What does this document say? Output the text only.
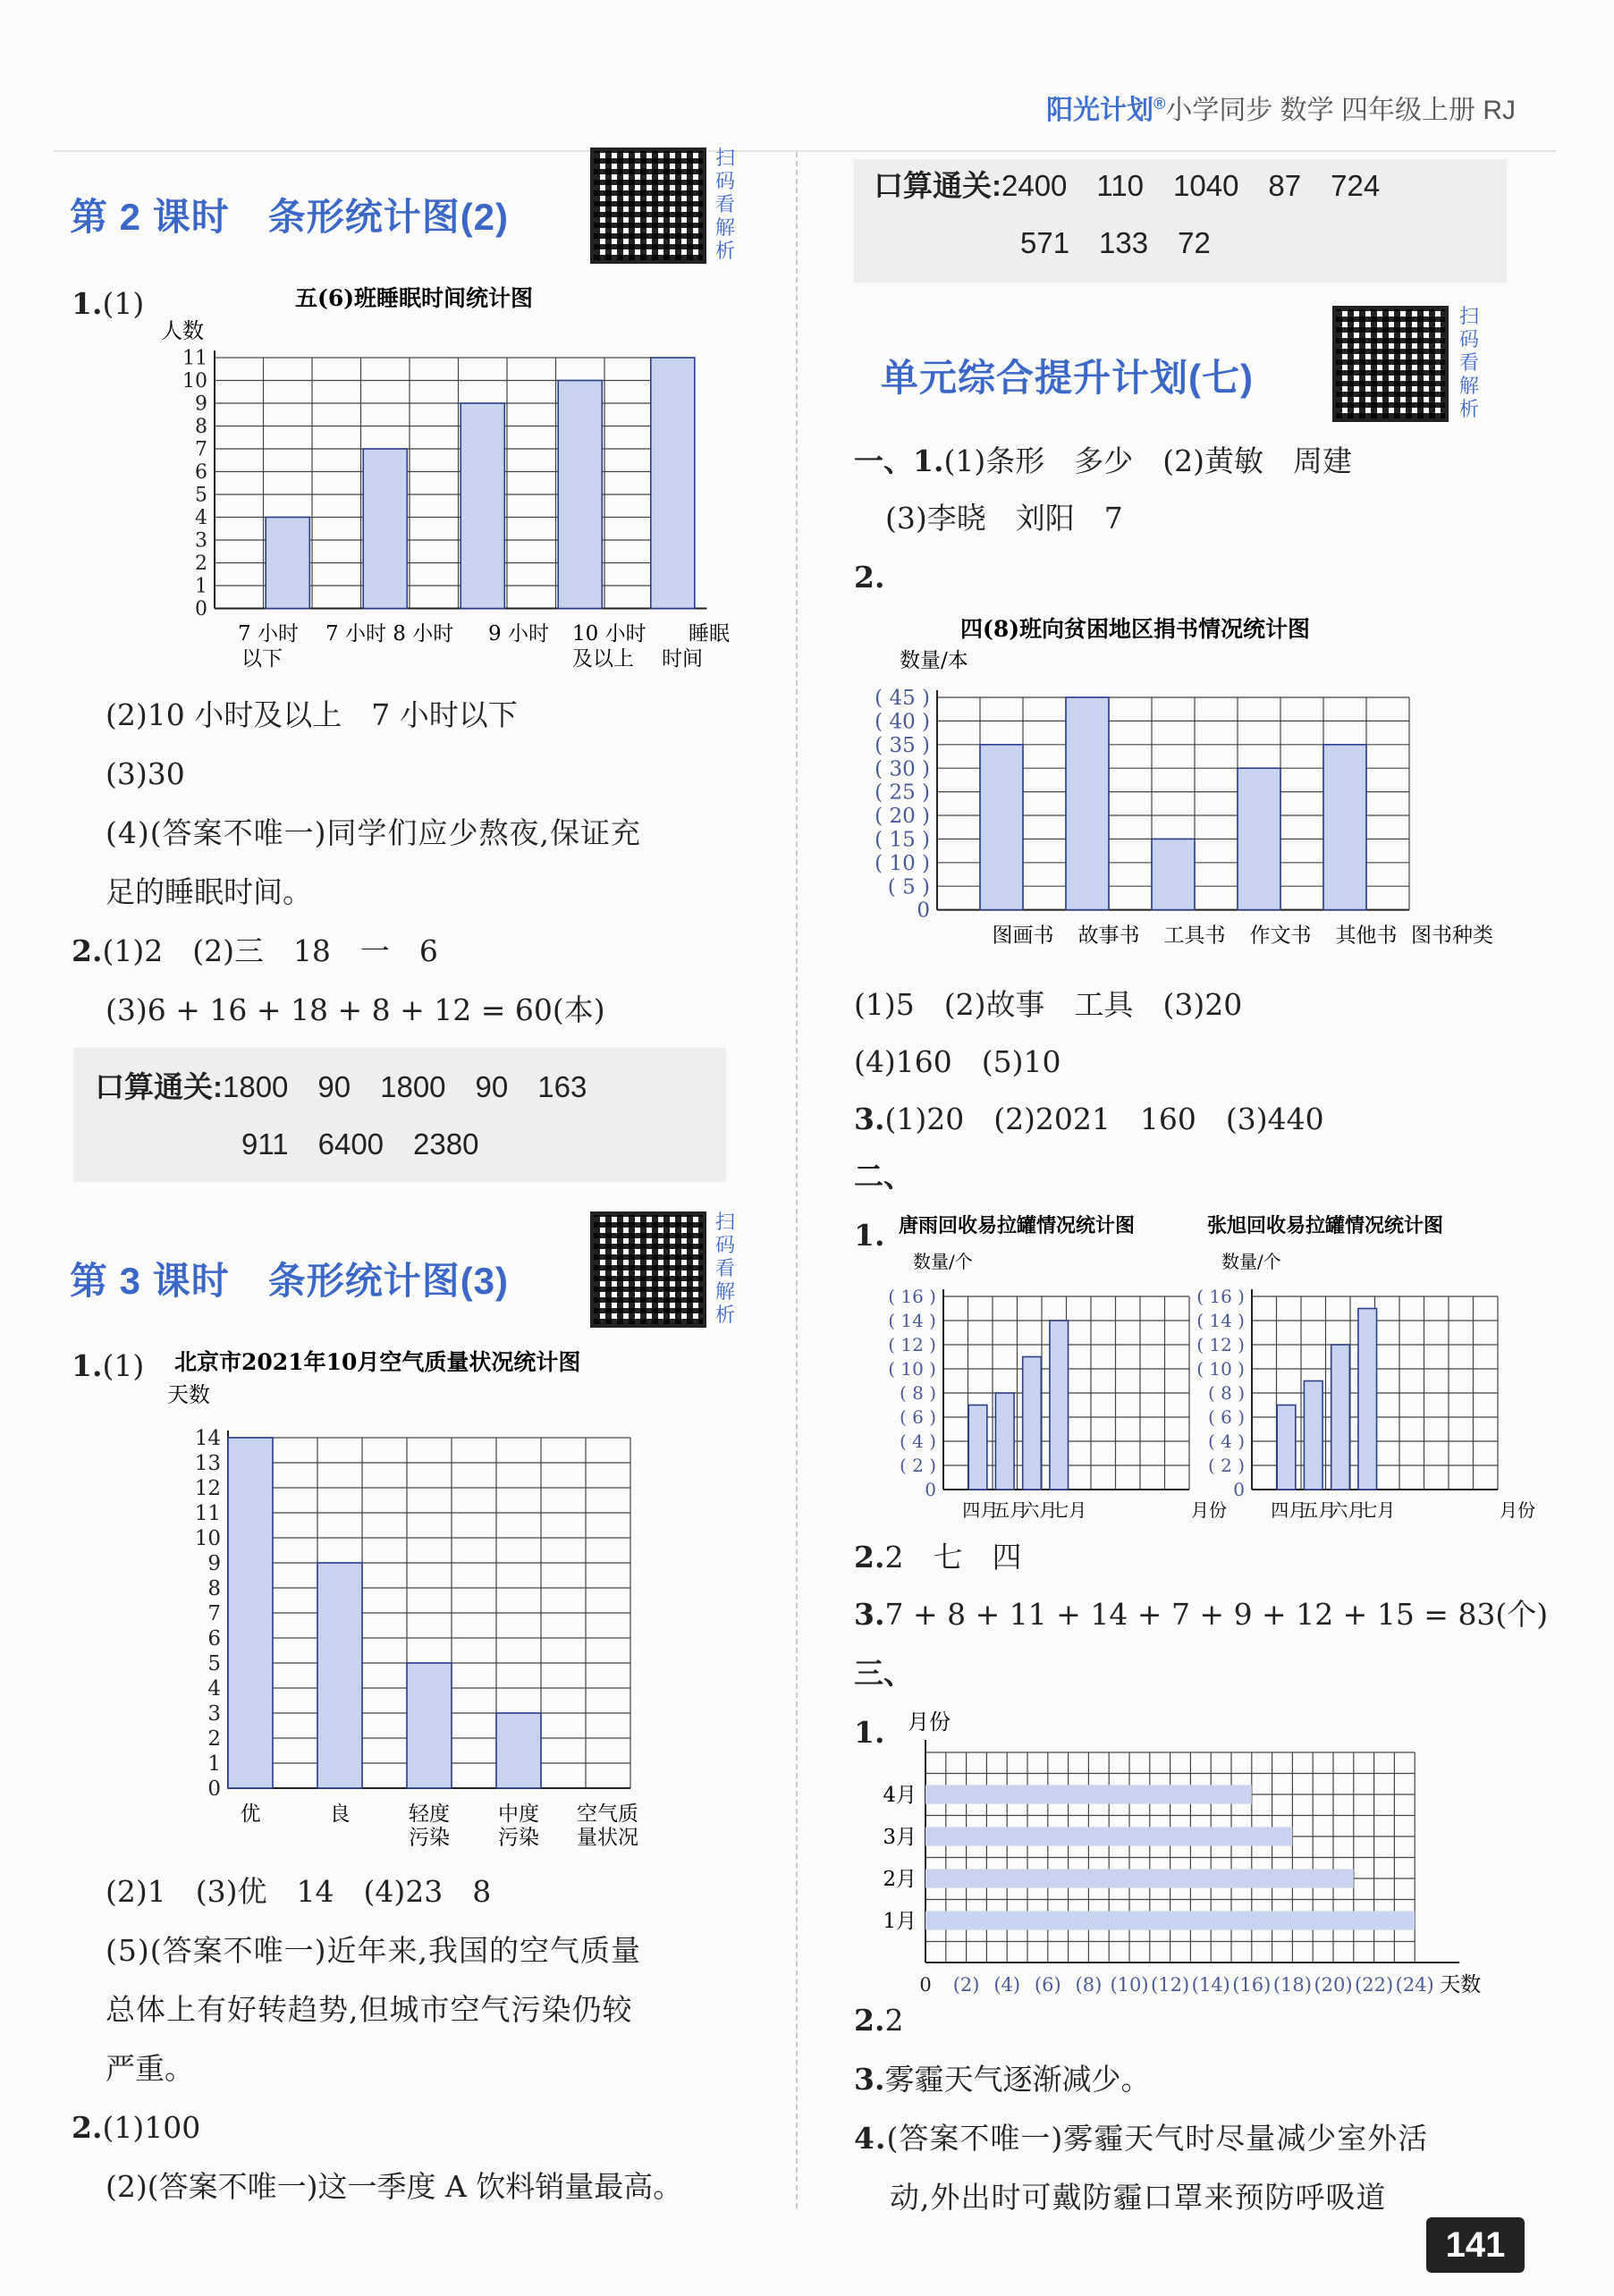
阳光计划®小学同步 数学 四年级上册 RJ
第 2 课时　条形统计图(2)
扫码看解析
1.(1)	五(6)班睡眠时间统计图
人数
0
1
2
3
4
5
6
7
8
9
10
11
7 小时
以下
7 小时 8 小时 9 小时 10 小时
及以上
睡眠
时间
(2)10 小时及以上　7 小时以下
(3)30
(4)(答案不唯一)同学们应少熬夜,保证充
足的睡眠时间。
2.(1)2　(2)三　18　一　6
(3)6 + 16 + 18 + 8 + 12 = 60(本)
口算通关:1800　90　1800　90　163
911　6400　2380
第 3 课时　条形统计图(3)
扫码看解析
1.(1) 北京市2021年10月空气质量状况统计图
天数
0
1
2
3
4
5
6
7
8
9
10
11
12
13
14
优	良	轻度
污染
中度
污染
空气质
量状况
(2)1　(3)优　14　(4)23　8
(5)(答案不唯一)近年来,我国的空气质量
总体上有好转趋势,但城市空气污染仍较
严重。
2.(1)100
(2)(答案不唯一)这一季度 A 饮料销量最高。
口算通关:2400　110　1040　87　724
571　133　72
单元综合提升计划(七)
扫码看解析
一、1.(1)条形　多少　(2)黄敏　周建
(3)李晓　刘阳　7
2.
四(8)班向贫困地区捐书情况统计图
数量/本
0
( 5 )
( 10 )
( 15 )
( 20 )
( 25 )
( 30 )
( 35 )
( 40 )
( 45 )
图画书 故事书 工具书 作文书 其他书 图书种类
(1)5　(2)故事　工具　(3)20
(4)160　(5)10
3.(1)20　(2)2021　160　(3)440
二、
1. 唐雨回收易拉罐情况统计图
数量/个
0
( 2 )
( 4 )
( 6 )
( 8 )
( 10 )
( 12 )
( 14 )
( 16 )
四月
五月
六月
七月	月份
张旭回收易拉罐情况统计图
数量/个
0
( 2 )
( 4 )
( 6 )
( 8 )
( 10 )
( 12 )
( 14 )
( 16 )
四月
五月
六月
七月	月份
2.2　七　四
3.7 + 8 + 11 + 14 + 7 + 9 + 12 + 15 = 83(个)
三、
1. 月份
4月
3月
2月
1月
0 (2) (4) (6) (8) (10) (12) (14) (16) (18) (20) (22) (24) 天数
2.2
3.雾霾天气逐渐减少。
4.(答案不唯一)雾霾天气时尽量减少室外活
动,外出时可戴防霾口罩来预防呼吸道
141
